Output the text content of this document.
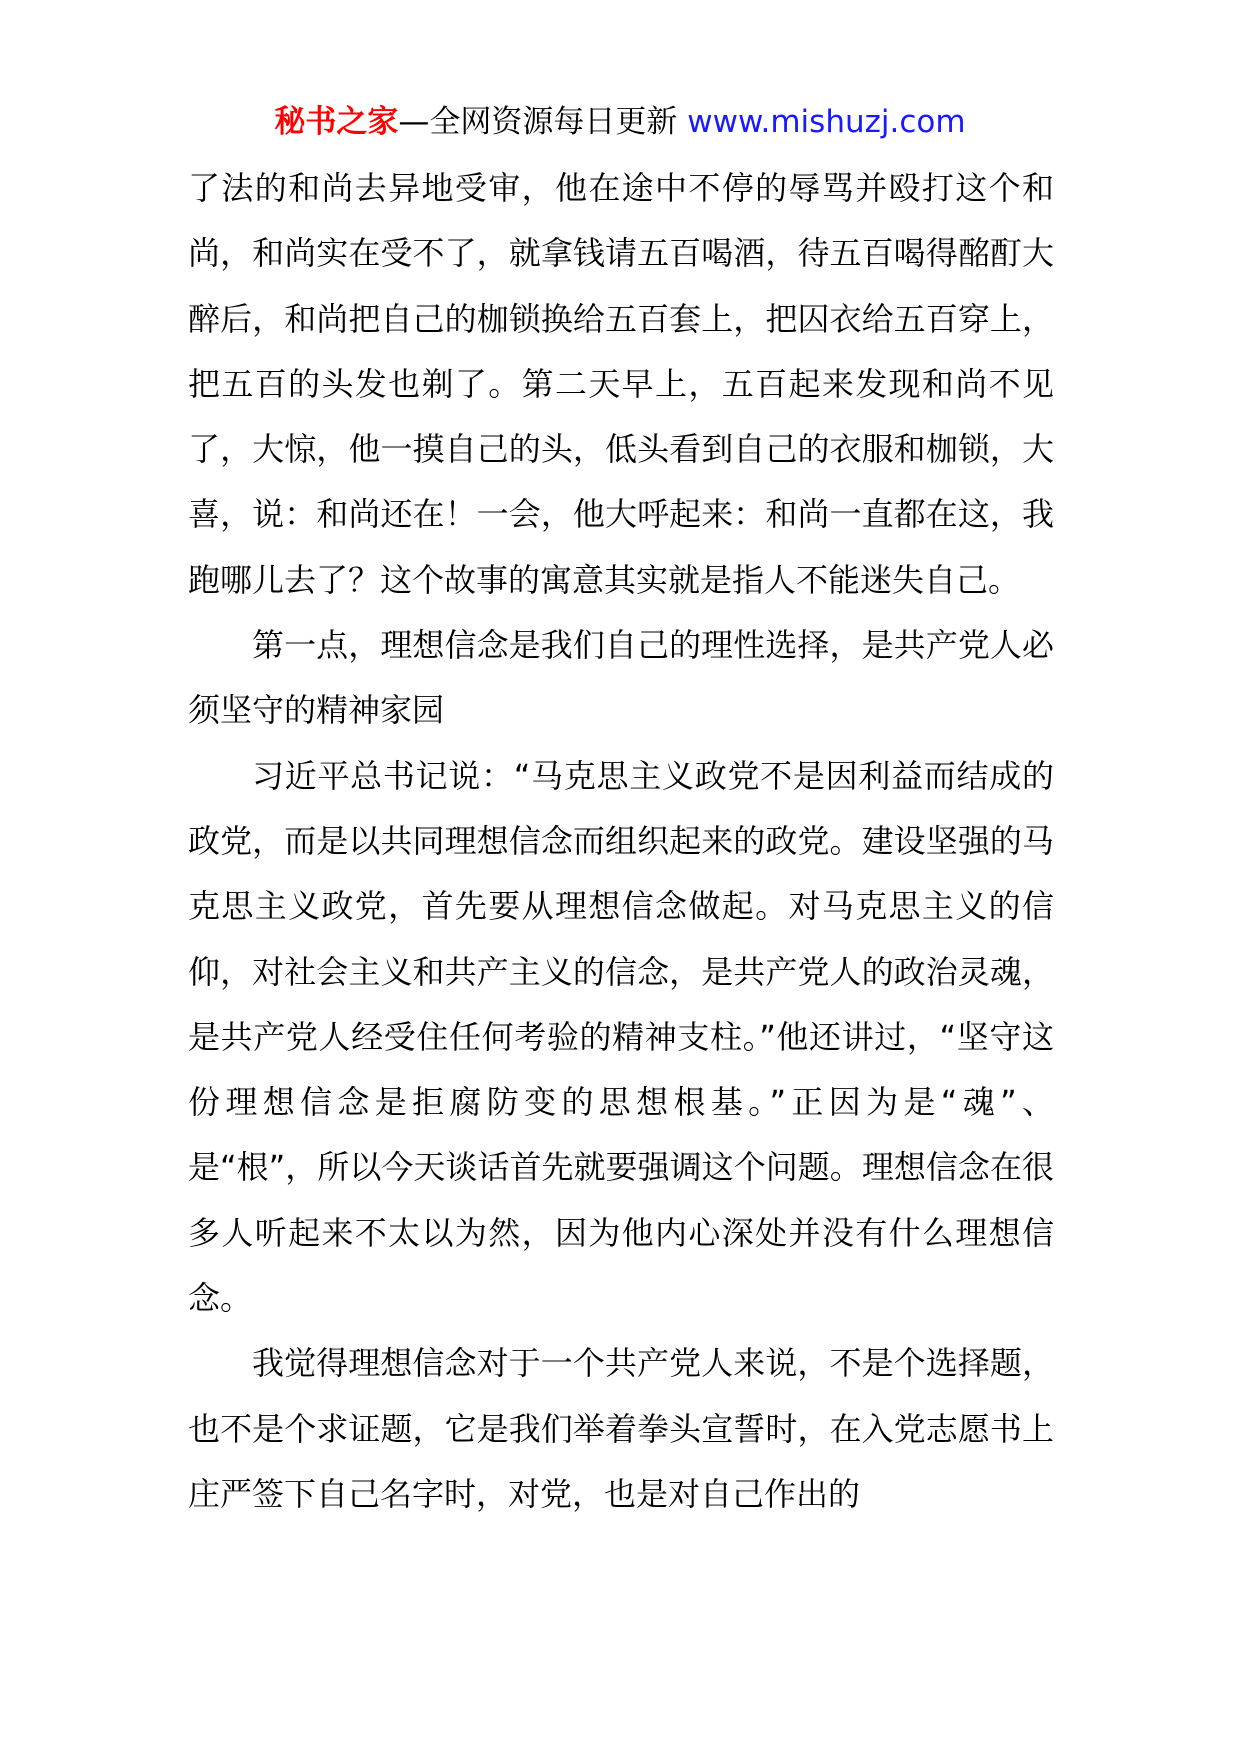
秘书之家—全网资源每日更新 www.mishuzj.com

了法的和尚去异地受审，他在途中不停的辱骂并殴打这个和尚，和尚实在受不了，就拿钱请五百喝酒，待五百喝得酩酊大醉后，和尚把自己的枷锁换给五百套上，把囚衣给五百穿上，把五百的头发也剃了。第二天早上，五百起来发现和尚不见了，大惊，他一摸自己的头，低头看到自己的衣服和枷锁，大喜，说：和尚还在！一会，他大呼起来：和尚一直都在这，我跑哪儿去了？这个故事的寓意其实就是指人不能迷失自己。

第一点，理想信念是我们自己的理性选择，是共产党人必须坚守的精神家园

习近平总书记说：“马克思主义政党不是因利益而结成的政党，而是以共同理想信念而组织起来的政党。建设坚强的马克思主义政党，首先要从理想信念做起。对马克思主义的信仰，对社会主义和共产主义的信念，是共产党人的政治灵魂，是共产党人经受住任何考验的精神支柱。”他还讲过，“坚守这份理想信念是拒腐防变的思想根基。”正因为是“魂”、是“根”，所以今天谈话首先就要强调这个问题。理想信念在很多人听起来不太以为然，因为他内心深处并没有什么理想信念。

我觉得理想信念对于一个共产党人来说，不是个选择题，也不是个求证题，它是我们举着拳头宣誓时，在入党志愿书上庄严签下自己名字时，对党，也是对自己作出的
